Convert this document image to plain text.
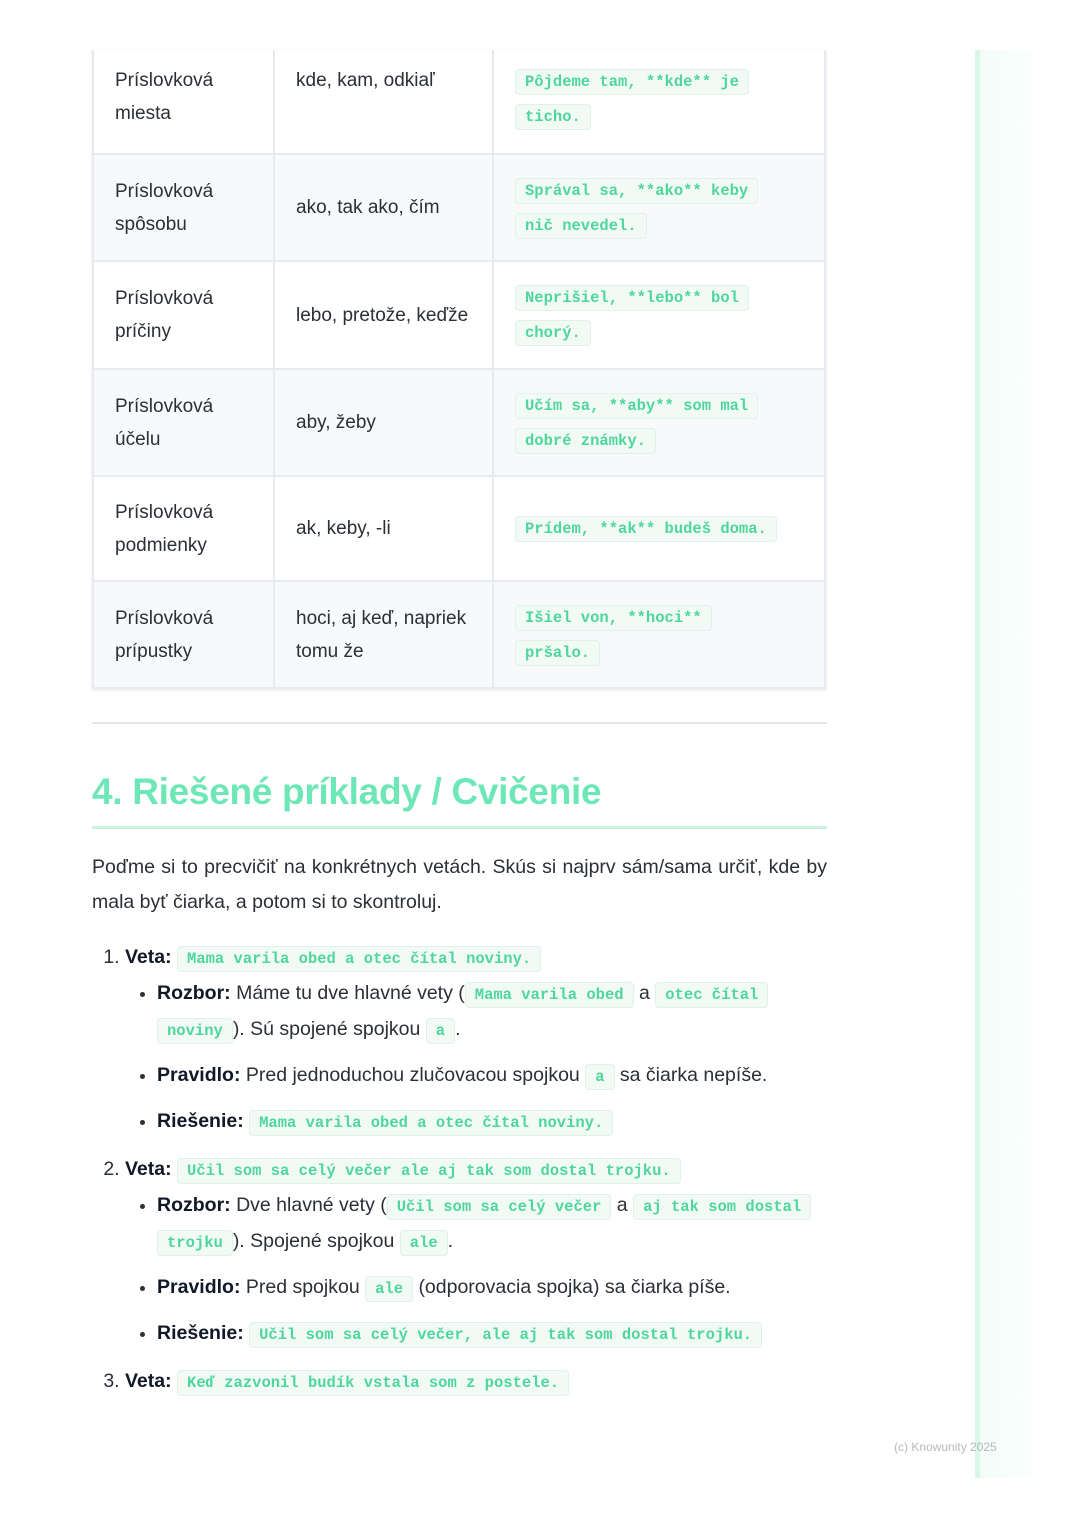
Príslovková miesta	kde, kam, odkiaľ	Pôjdeme tam, **kde** je ticho.
Príslovková spôsobu	ako, tak ako, čím	Správal sa, **ako** keby nič nevedel.
Príslovková príčiny	lebo, pretože, keďže	Neprišiel, **lebo** bol chorý.
Príslovková účelu	aby, žeby	Učím sa, **aby** som mal dobré známky.
Príslovková podmienky	ak, keby, -li	Prídem, **ak** budeš doma.
Príslovková prípustky	hoci, aj keď, napriek tomu že	Išiel von, **hoci** pršalo.
4. Riešené príklady / Cvičenie

Poďme si to precvičiť na konkrétnych vetách. Skús si najprv sám/sama určiť, kde by mala byť čiarka, a potom si to skontroluj.

1. Veta: Mama varila obed a otec čítal noviny.
• Rozbor: Máme tu dve hlavné vety ( Mama varila obed a otec čítal noviny ). Sú spojené spojkou a .
• Pravidlo: Pred jednoduchou zlučovacou spojkou a sa čiarka nepíše.
• Riešenie: Mama varila obed a otec čítal noviny.
2. Veta: Učil som sa celý večer ale aj tak som dostal trojku.
• Rozbor: Dve hlavné vety ( Učil som sa celý večer a aj tak som dostal trojku ). Spojené spojkou ale .
• Pravidlo: Pred spojkou ale (odporovacia spojka) sa čiarka píše.
• Riešenie: Učil som sa celý večer, ale aj tak som dostal trojku.
3. Veta: Keď zazvonil budík vstala som z postele.
(c) Knowunity 2025
